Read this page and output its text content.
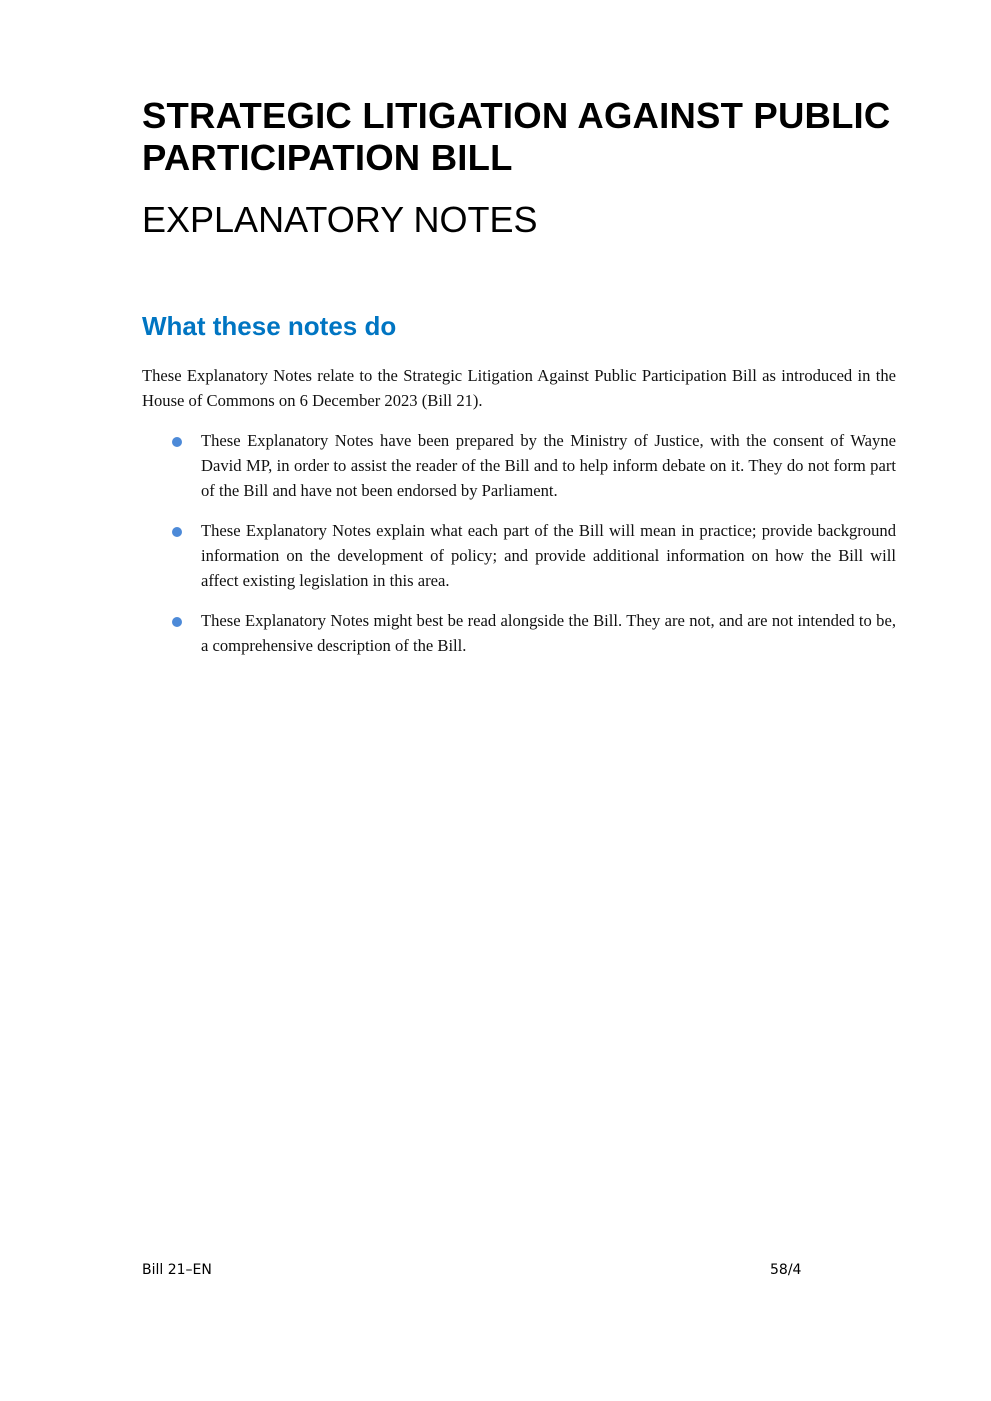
STRATEGIC LITIGATION AGAINST PUBLIC PARTICIPATION BILL
EXPLANATORY NOTES
What these notes do

These Explanatory Notes relate to the Strategic Litigation Against Public Participation Bill as introduced in the House of Commons on 6 December 2023 (Bill 21).

These Explanatory Notes have been prepared by the Ministry of Justice, with the consent of Wayne David MP, in order to assist the reader of the Bill and to help inform debate on it. They do not form part of the Bill and have not been endorsed by Parliament.
These Explanatory Notes explain what each part of the Bill will mean in practice; provide background information on the development of policy; and provide additional information on how the Bill will affect existing legislation in this area.
These Explanatory Notes might best be read alongside the Bill. They are not, and are not intended to be, a comprehensive description of the Bill.
Bill 21–EN	58/4
